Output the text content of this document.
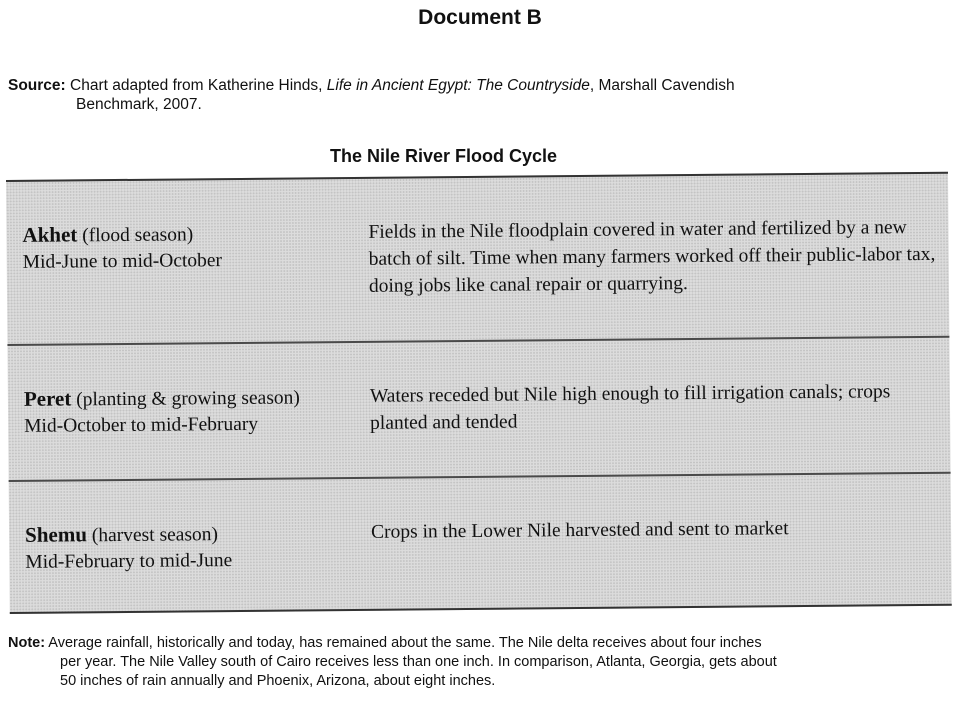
Document B
Source: Chart adapted from Katherine Hinds, Life in Ancient Egypt: The Countryside, Marshall Cavendish
Benchmark, 2007.
The Nile River Flood Cycle
Akhet (flood season)
Mid-June to mid-October
Fields in the Nile floodplain covered in water and fertilized by a new batch of silt. Time when many farmers worked off their public-labor tax, doing jobs like canal repair or quarrying.
Peret (planting & growing season)
Mid-October to mid-February
Waters receded but Nile high enough to fill irrigation canals; crops planted and tended
Shemu (harvest season)
Mid-February to mid-June
Crops in the Lower Nile harvested and sent to market
Note: Average rainfall, historically and today, has remained about the same. The Nile delta receives about four inches
per year. The Nile Valley south of Cairo receives less than one inch. In comparison, Atlanta, Georgia, gets about
50 inches of rain annually and Phoenix, Arizona, about eight inches.
